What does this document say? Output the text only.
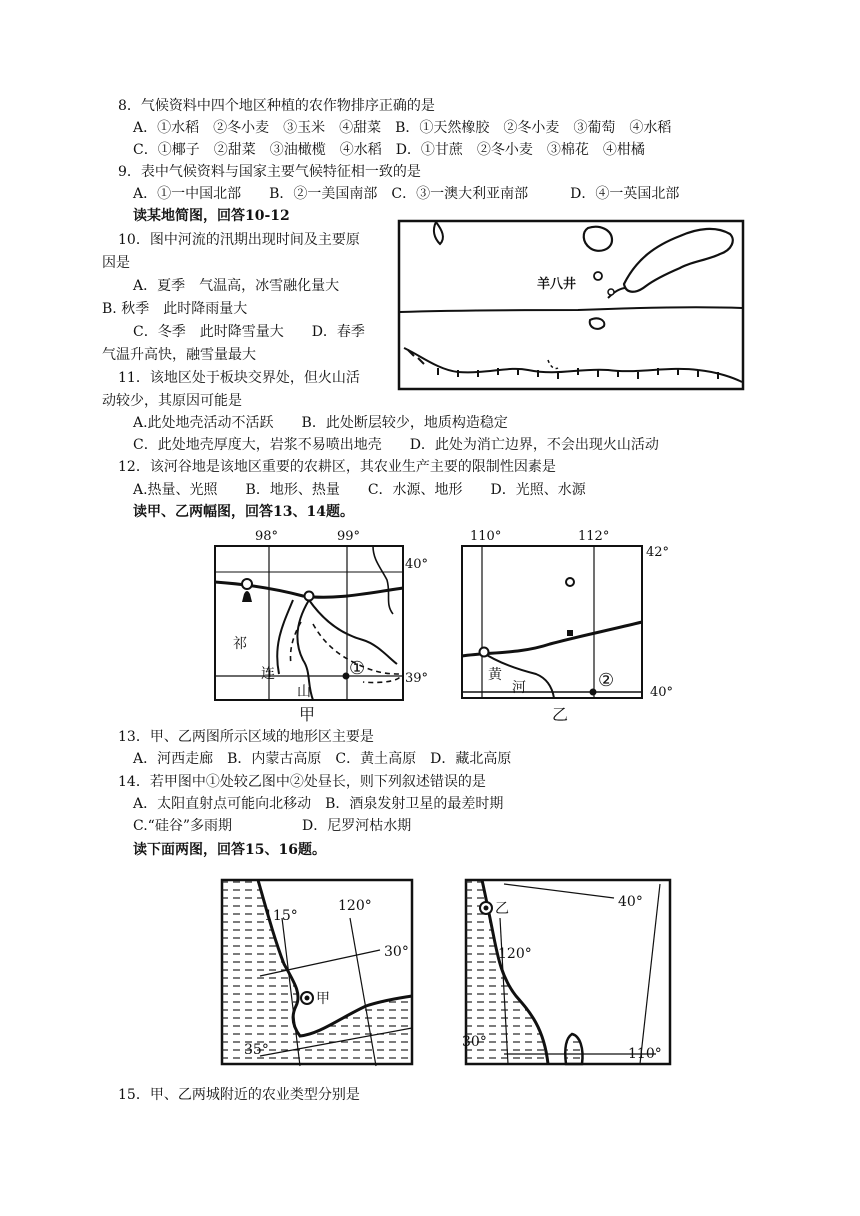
8．气候资料中四个地区种植的农作物排序正确的是
A．①水稻　②冬小麦　③玉米　④甜菜　B．①天然橡胶　②冬小麦　③葡萄　④水稻
C．①椰子　②甜菜　③油橄榄　④水稻　D．①甘蔗　②冬小麦　③棉花　④柑橘
9．表中气候资料与国家主要气候特征相一致的是
A．①一中国北部　　B．②一美国南部　C．③一澳大利亚南部　　　D．④一英国北部
读某地简图，回答10-12
10．图中河流的汛期出现时间及主要原
因是
A．夏季　气温高，冰雪融化量大
B. 秋季　此时降雨量大
C．冬季　此时降雪量大　　D．春季
气温升高快，融雪量最大
11．该地区处于板块交界处，但火山活
动较少，其原因可能是
A.此处地壳活动不活跃　　B．此处断层较少，地质构造稳定
C．此处地壳厚度大，岩浆不易喷出地壳　　D．此处为消亡边界，不会出现火山活动
12．该河谷地是该地区重要的农耕区，其农业生产主要的限制性因素是
A.热量、光照　　B．地形、热量　　C．水源、地形　　D．光照、水源
读甲、乙两幅图，回答13、14题。
羊八井
98°	99°
40°
39°
祁
连
山
①
甲
110°	112°
42°
40°
黄
河	②
乙
13．甲、乙两图所示区域的地形区主要是
A．河西走廊　B．内蒙古高原　C．黄土高原　D．藏北高原
14．若甲图中①处较乙图中②处昼长，则下列叙述错误的是
A．太阳直射点可能向北移动　B．酒泉发射卫星的最差时期
C.“硅谷”多雨期　　　　　D．尼罗河枯水期
读下面两图，回答15、16题。
115°
120°
30°
35°
甲
40°
120°
30°
110°
乙
15．甲、乙两城附近的农业类型分别是
